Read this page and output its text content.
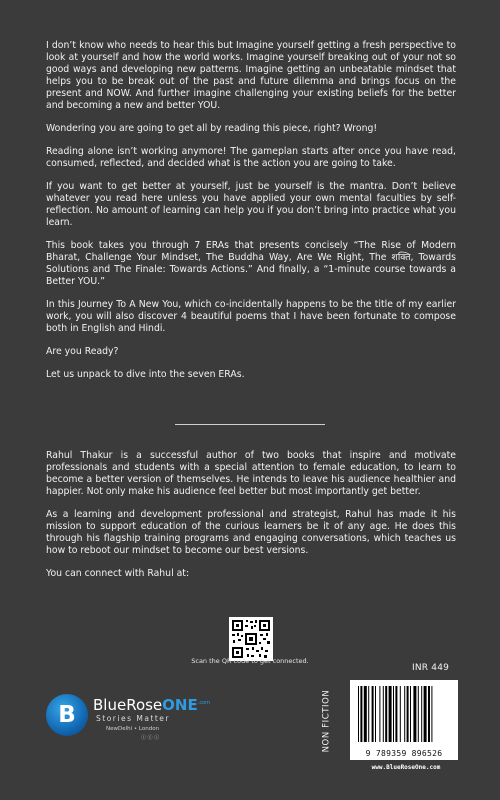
I don’t know who needs to hear this but Imagine yourself getting a fresh perspective to look at yourself and how the world works. Imagine yourself breaking out of your not so good ways and developing new patterns. Imagine getting an unbeatable mindset that helps you to be break out of the past and future dilemma and brings focus on the present and NOW. And further imagine challenging your existing beliefs for the better and becoming a new and better YOU.

Wondering you are going to get all by reading this piece, right? Wrong!

Reading alone isn’t working anymore! The gameplan starts after once you have read, consumed, reflected, and decided what is the action you are going to take.

If you want to get better at yourself, just be yourself is the mantra. Don’t believe whatever you read here unless you have applied your own mental faculties by self-reflection. No amount of learning can help you if you don’t bring into practice what you learn.

This book takes you through 7 ERAs that presents concisely “The Rise of Modern Bharat, Challenge Your Mindset, The Buddha Way, Are We Right, The शक्ति, Towards Solutions and The Finale: Towards Actions.” And finally, a “1-minute course towards a Better YOU.”

In this Journey To A New You, which co-incidentally happens to be the title of my earlier work, you will also discover 4 beautiful poems that I have been fortunate to compose both in English and Hindi.

Are you Ready?

Let us unpack to dive into the seven ERAs.

Rahul Thakur is a successful author of two books that inspire and motivate professionals and students with a special attention to female education, to learn to become a better version of themselves. He intends to leave his audience healthier and happier. Not only make his audience feel better but most importantly get better.

As a learning and development professional and strategist, Rahul has made it his mission to support education of the curious learners be it of any age. He does this through his flagship training programs and engaging conversations, which teaches us how to reboot our mindset to become our best versions.

You can connect with Rahul at:

Scan the QR code to get connected.
INR 449
B BlueRoseONE$^{.com}$
Stories Matter
NewDelhi • London
ⓘ ⓕ ⓘ	NON FICTION
9 789359 896526
www.BlueRoseOne.com
